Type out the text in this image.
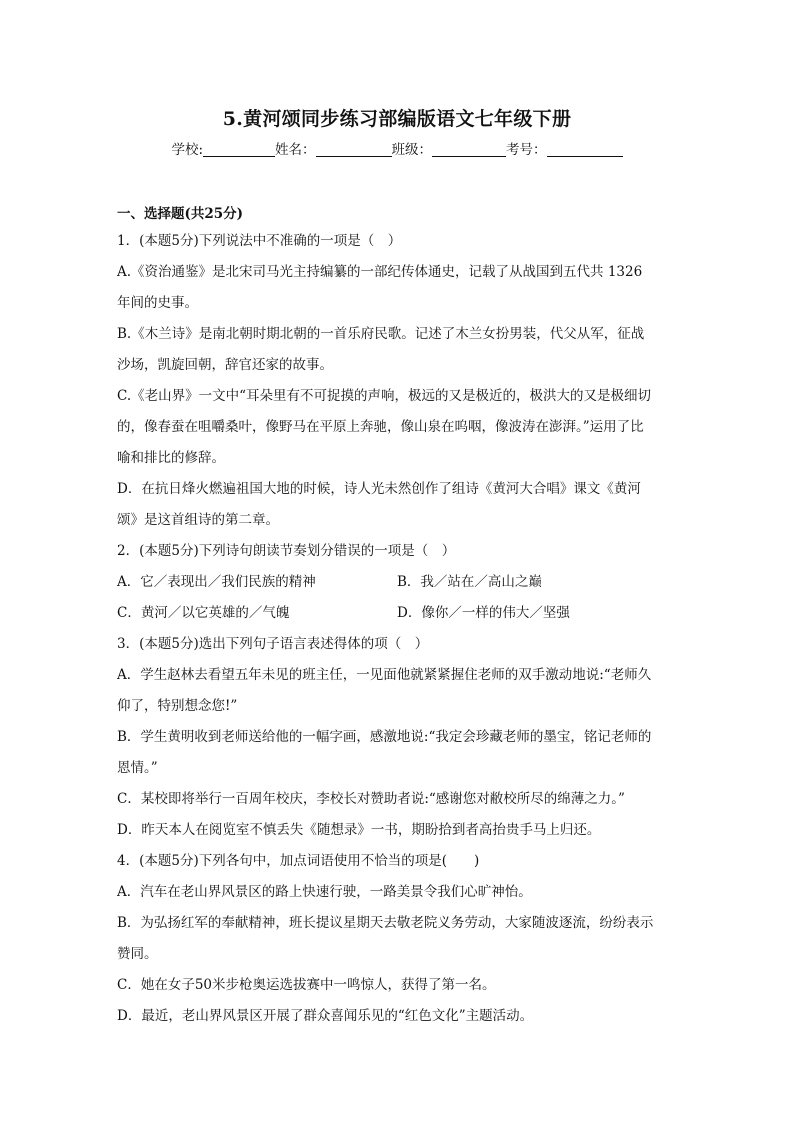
5.黄河颂同步练习部编版语文七年级下册
学校:	姓名：	班级：	考号：
一、选择题(共25分)
1．(本题5分)下列说法中不准确的一项是（　）
A.《资治通鉴》是北宋司马光主持编纂的一部纪传体通史，记载了从战国到五代共 1326
年间的史事。
B.《木兰诗》是南北朝时期北朝的一首乐府民歌。记述了木兰女扮男装，代父从军，征战
沙场，凯旋回朝，辞官还家的故事。
C.《老山界》一文中“耳朵里有不可捉摸的声响，极远的又是极近的，极洪大的又是极细切
的，像春蚕在咀嚼桑叶，像野马在平原上奔驰，像山泉在呜咽，像波涛在澎湃。”运用了比
喻和排比的修辞。
D．在抗日烽火燃遍祖国大地的时候，诗人光未然创作了组诗《黄河大合唱》课文《黄河
颂》是这首组诗的第二章。
2．(本题5分)下列诗句朗读节奏划分错误的一项是（　）
A．它／表现出／我们民族的精神	B．我／站在／高山之巅
C．黄河／以它英雄的／气魄	D．像你／一样的伟大／坚强
3．(本题5分)选出下列句子语言表述得体的项（　）
A．学生赵林去看望五年未见的班主任，一见面他就紧紧握住老师的双手激动地说:“老师久
仰了，特别想念您!”
B．学生黄明收到老师送给他的一幅字画，感激地说:“我定会珍藏老师的墨宝，铭记老师的
恩情。”
C．某校即将举行一百周年校庆，李校长对赞助者说:“感谢您对敝校所尽的绵薄之力。”
D．昨天本人在阅览室不慎丢失《随想录》一书，期盼拾到者高抬贵手马上归还。
4．(本题5分)下列各句中，加点词语使用不恰当的项是(　　)
A．汽车在老山界风景区的路上快速行驶，一路美景令我们心旷神怡。
B．为弘扬红军的奉献精神，班长提议星期天去敬老院义务劳动，大家随波逐流，纷纷表示
赞同。
C．她在女子50米步枪奥运选拔赛中一鸣惊人，获得了第一名。
D．最近，老山界风景区开展了群众喜闻乐见的“红色文化”主题活动。
